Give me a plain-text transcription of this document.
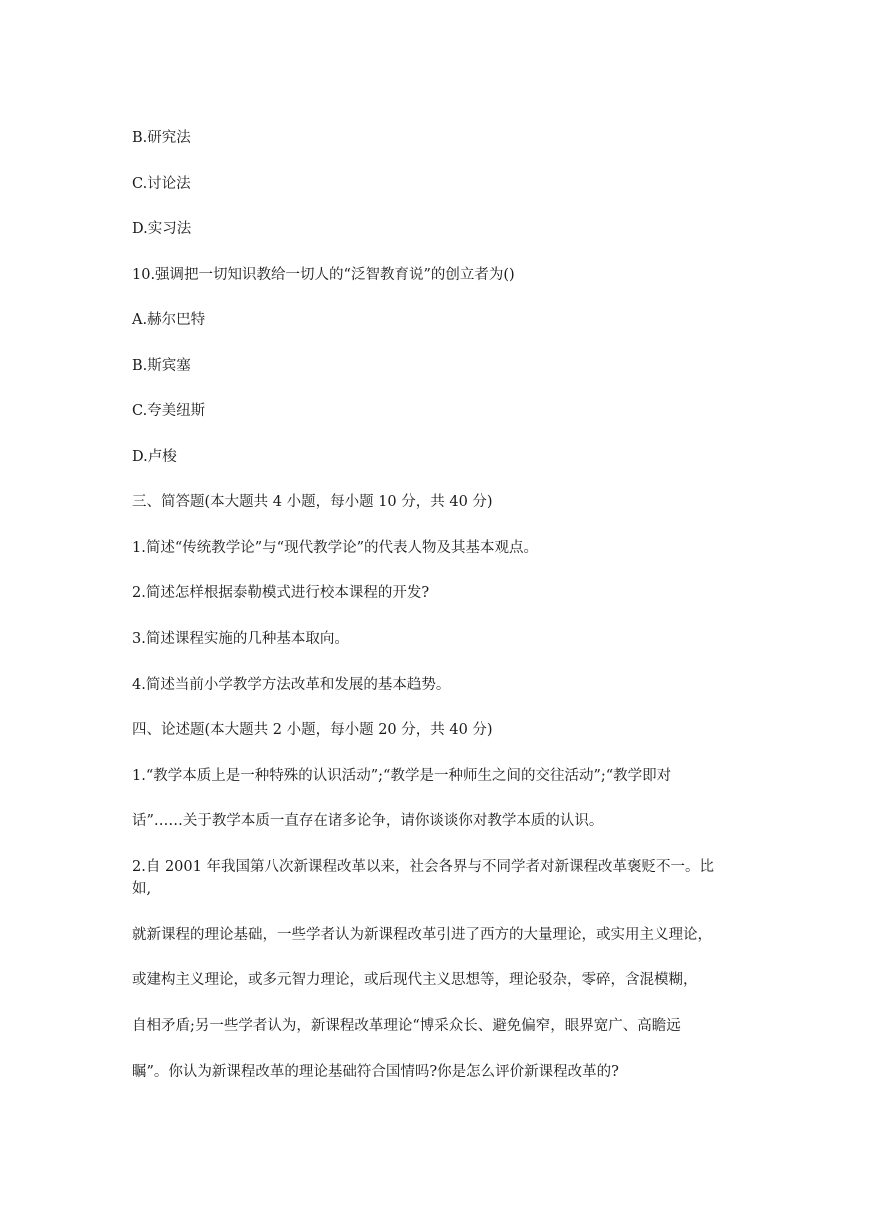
B.研究法
C.讨论法
D.实习法
10.强调把一切知识教给一切人的“泛智教育说”的创立者为()
A.赫尔巴特
B.斯宾塞
C.夸美纽斯
D.卢梭
三、简答题(本大题共 4 小题，每小题 10 分，共 40 分)
1.简述“传统教学论”与“现代教学论”的代表人物及其基本观点。
2.简述怎样根据泰勒模式进行校本课程的开发?
3.简述课程实施的几种基本取向。
4.简述当前小学教学方法改革和发展的基本趋势。
四、论述题(本大题共 2 小题，每小题 20 分，共 40 分)
1.“教学本质上是一种特殊的认识活动”;“教学是一种师生之间的交往活动”;“教学即对
话”……关于教学本质一直存在诸多论争，请你谈谈你对教学本质的认识。
2.自 2001 年我国第八次新课程改革以来，社会各界与不同学者对新课程改革褒贬不一。比
如,
就新课程的理论基础，一些学者认为新课程改革引进了西方的大量理论，或实用主义理论，
或建构主义理论，或多元智力理论，或后现代主义思想等，理论驳杂，零碎，含混模糊，
自相矛盾;另一些学者认为，新课程改革理论“博采众长、避免偏窄，眼界宽广、高瞻远
瞩”。你认为新课程改革的理论基础符合国情吗?你是怎么评价新课程改革的?
